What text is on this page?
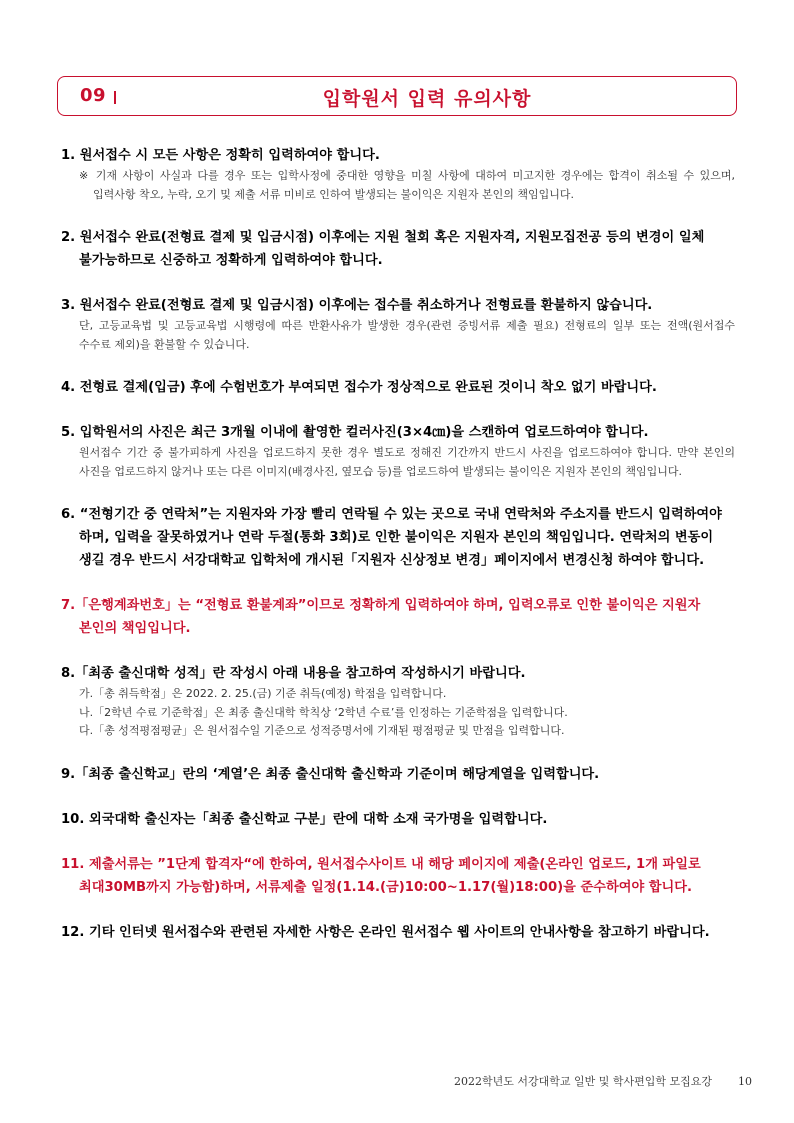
09	입학원서 입력 유의사항
1. 원서접수 시 모든 사항은 정확히 입력하여야 합니다.
※ 기재 사항이 사실과 다를 경우 또는 입학사정에 중대한 영향을 미칠 사항에 대하여 미고지한 경우에는 합격이 취소될 수 있으며, 입력사항 착오, 누락, 오기 및 제출 서류 미비로 인하여 발생되는 불이익은 지원자 본인의 책임입니다.
2. 원서접수 완료(전형료 결제 및 입금시점) 이후에는 지원 철회 혹은 지원자격, 지원모집전공 등의 변경이 일체 불가능하므로 신중하고 정확하게 입력하여야 합니다.
3. 원서접수 완료(전형료 결제 및 입금시점) 이후에는 접수를 취소하거나 전형료를 환불하지 않습니다.
단, 고등교육법 및 고등교육법 시행령에 따른 반환사유가 발생한 경우(관련 증빙서류 제출 필요) 전형료의 일부 또는 전액(원서접수 수수료 제외)을 환불할 수 있습니다.
4. 전형료 결제(입금) 후에 수험번호가 부여되면 접수가 정상적으로 완료된 것이니 착오 없기 바랍니다.
5. 입학원서의 사진은 최근 3개월 이내에 촬영한 컬러사진(3×4㎝)을 스캔하여 업로드하여야 합니다.
원서접수 기간 중 불가피하게 사진을 업로드하지 못한 경우 별도로 정해진 기간까지 반드시 사진을 업로드하여야 합니다. 만약 본인의 사진을 업로드하지 않거나 또는 다른 이미지(배경사진, 옆모습 등)를 업로드하여 발생되는 불이익은 지원자 본인의 책임입니다.
6. “전형기간 중 연락처”는 지원자와 가장 빨리 연락될 수 있는 곳으로 국내 연락처와 주소지를 반드시 입력하여야 하며, 입력을 잘못하였거나 연락 두절(통화 3회)로 인한 불이익은 지원자 본인의 책임입니다. 연락처의 변동이 생길 경우 반드시 서강대학교 입학처에 개시된「지원자 신상정보 변경」페이지에서 변경신청 하여야 합니다.
7.「은행계좌번호」는 “전형료 환불계좌”이므로 정확하게 입력하여야 하며, 입력오류로 인한 불이익은 지원자 본인의 책임입니다.
8.「최종 출신대학 성적」란 작성시 아래 내용을 참고하여 작성하시기 바랍니다.
가.「총 취득학점」은 2022. 2. 25.(금) 기준 취득(예정) 학점을 입력합니다.
나.「2학년 수료 기준학점」은 최종 출신대학 학칙상 ‘2학년 수료’를 인정하는 기준학점을 입력합니다.
다.「총 성적평점평균」은 원서접수일 기준으로 성적증명서에 기재된 평점평균 및 만점을 입력합니다.
9.「최종 출신학교」란의 ‘계열’은 최종 출신대학 출신학과 기준이며 해당계열을 입력합니다.
10. 외국대학 출신자는「최종 출신학교 구분」란에 대학 소재 국가명을 입력합니다.
11. 제출서류는 ”1단계 합격자“에 한하여, 원서접수사이트 내 해당 페이지에 제출(온라인 업로드, 1개 파일로 최대30MB까지 가능함)하며, 서류제출 일정(1.14.(금)10:00~1.17(월)18:00)을 준수하여야 합니다.
12. 기타 인터넷 원서접수와 관련된 자세한 사항은 온라인 원서접수 웹 사이트의 안내사항을 참고하기 바랍니다.
2022학년도 서강대학교 일반 및 학사편입학 모집요강 10
